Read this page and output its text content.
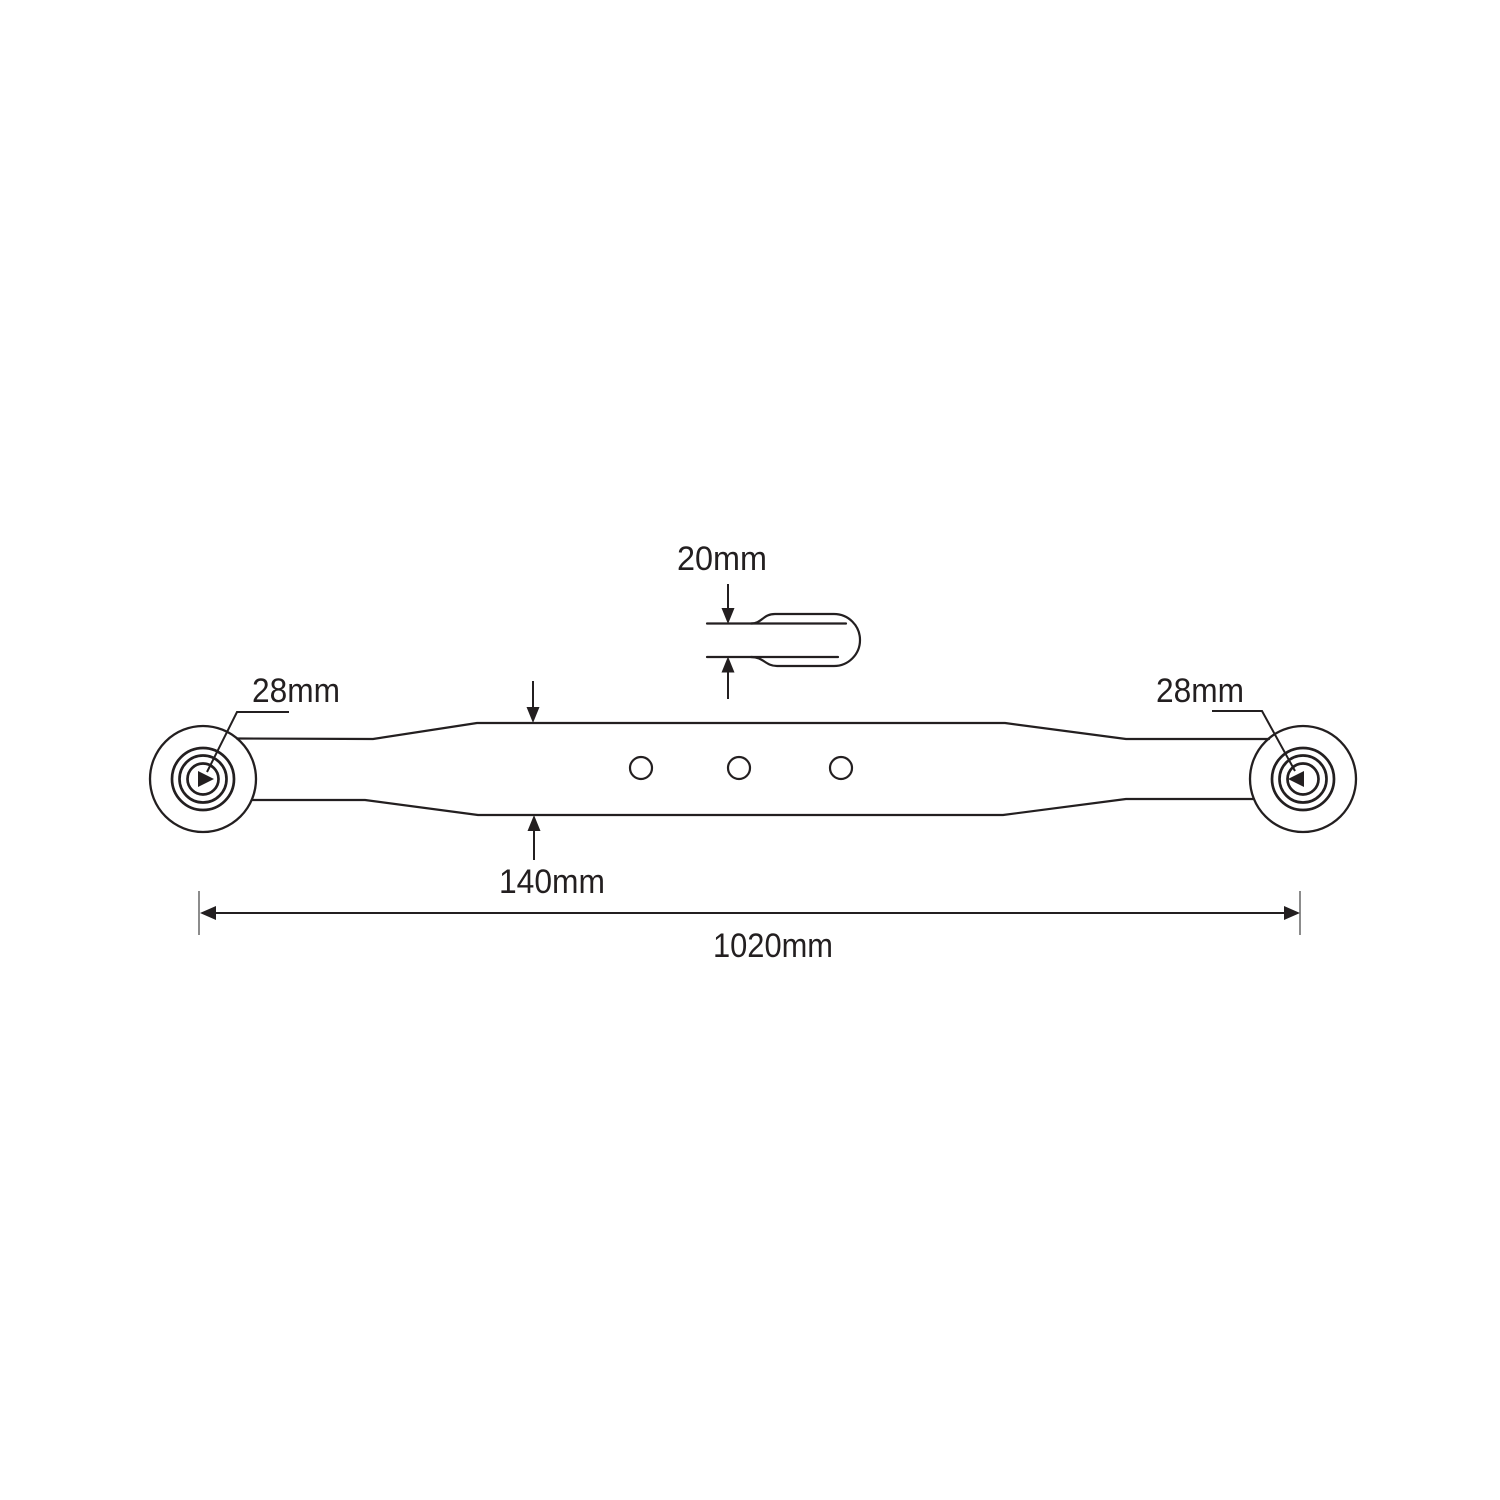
20mm
28mm	28mm
140mm
1020mm
